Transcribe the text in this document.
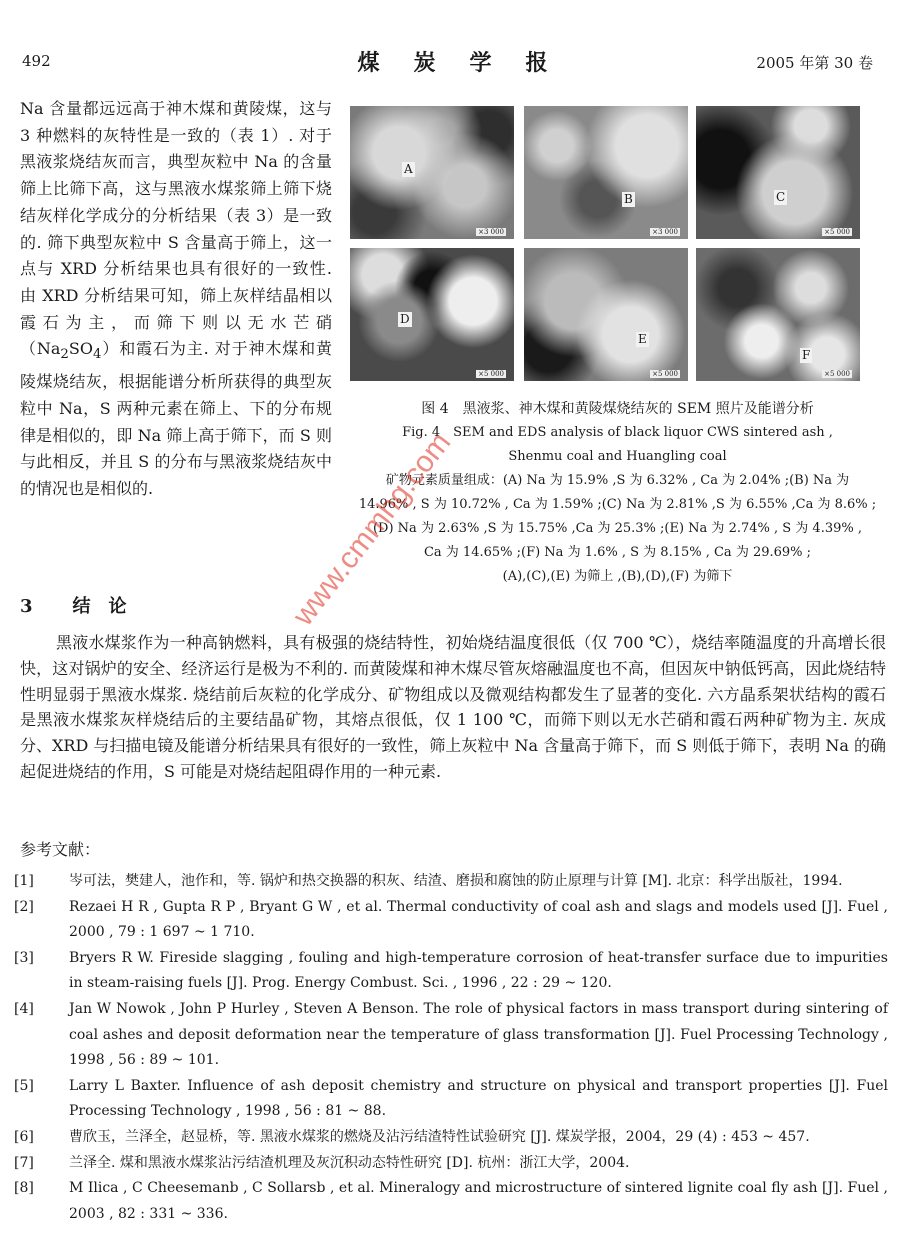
492	煤炭学报	2005 年第 30 卷
Na 含量都远远高于神木煤和黄陵煤，这与 3 种燃料的灰特性是一致的（表 1）. 对于黑液浆烧结灰而言，典型灰粒中 Na 的含量筛上比筛下高，这与黑液水煤浆筛上筛下烧结灰样化学成分的分析结果（表 3）是一致的. 筛下典型灰粒中 S 含量高于筛上，这一点与 XRD 分析结果也具有很好的一致性. 由 XRD 分析结果可知，筛上灰样结晶相以霞石为主，而筛下则以无水芒硝$(Na_2SO_4)$和霞石为主. 对于神木煤和黄陵煤烧结灰，根据能谱分析所获得的典型灰粒中 Na，S 两种元素在筛上、下的分布规律是相似的，即 Na 筛上高于筛下，而 S 则与此相反，并且 S 的分布与黑液浆烧结灰中的情况也是相似的.
A
×3 000
B
×3 000
C
×5 000
D
×5 000
E
×5 000
F
×5 000
图 4　黑液浆、神木煤和黄陵煤烧结灰的 SEM 照片及能谱分析
Fig. 4　SEM and EDS analysis of black liquor CWS sintered ash ,
Shenmu coal and Huangling coal
矿物元素质量组成：(A) Na 为 15.9% ,S 为 6.32% , Ca 为 2.04% ;(B) Na 为
14.96% , S 为 10.72% , Ca 为 1.59% ;(C) Na 为 2.81% ,S 为 6.55% ,Ca 为 8.6% ;
(D) Na 为 2.63% ,S 为 15.75% ,Ca 为 25.3% ;(E) Na 为 2.74% , S 为 4.39% ,
Ca 为 14.65% ;(F) Na 为 1.6% , S 为 8.15% , Ca 为 29.69% ;
(A),(C),(E) 为筛上 ,(B),(D),(F) 为筛下
3 结　论
黑液水煤浆作为一种高钠燃料，具有极强的烧结特性，初始烧结温度很低（仅 700 ℃），烧结率随温度的升高增长很快，这对锅炉的安全、经济运行是极为不利的. 而黄陵煤和神木煤尽管灰熔融温度也不高，但因灰中钠低钙高，因此烧结特性明显弱于黑液水煤浆. 烧结前后灰粒的化学成分、矿物组成以及微观结构都发生了显著的变化. 六方晶系架状结构的霞石是黑液水煤浆灰样烧结后的主要结晶矿物，其熔点很低，仅 1 100 ℃，而筛下则以无水芒硝和霞石两种矿物为主. 灰成分、XRD 与扫描电镜及能谱分析结果具有很好的一致性，筛上灰粒中 Na 含量高于筛下，而 S 则低于筛下，表明 Na 的确起促进烧结的作用，S 可能是对烧结起阻碍作用的一种元素.
参考文献：
[1]	岑可法，樊建人，池作和，等. 锅炉和热交换器的积灰、结渣、磨损和腐蚀的防止原理与计算 [M]. 北京：科学出版社，1994.
[2]	Rezaei H R , Gupta R P , Bryant G W , et al. Thermal conductivity of coal ash and slags and models used [J]. Fuel , 2000 , 79 : 1 697 ~ 1 710.
[3]	Bryers R W. Fireside slagging , fouling and high-temperature corrosion of heat-transfer surface due to impurities in steam-raising fuels [J]. Prog. Energy Combust. Sci. , 1996 , 22 : 29 ~ 120.
[4]	Jan W Nowok , John P Hurley , Steven A Benson. The role of physical factors in mass transport during sintering of coal ashes and deposit deformation near the temperature of glass transformation [J]. Fuel Processing Technology , 1998 , 56 : 89 ~ 101.
[5]	Larry L Baxter. Influence of ash deposit chemistry and structure on physical and transport properties [J]. Fuel Processing Technology , 1998 , 56 : 81 ~ 88.
[6]	曹欣玉，兰泽全，赵显桥，等. 黑液水煤浆的燃烧及沾污结渣特性试验研究 [J]. 煤炭学报，2004，29 (4) : 453 ~ 457.
[7]	兰泽全. 煤和黑液水煤浆沾污结渣机理及灰沉积动态特性研究 [D]. 杭州：浙江大学，2004.
[8]	M Ilica , C Cheesemanb , C Sollarsb , et al. Mineralogy and microstructure of sintered lignite coal fly ash [J]. Fuel , 2003 , 82 : 331 ~ 336.
www.cmmhg.com
